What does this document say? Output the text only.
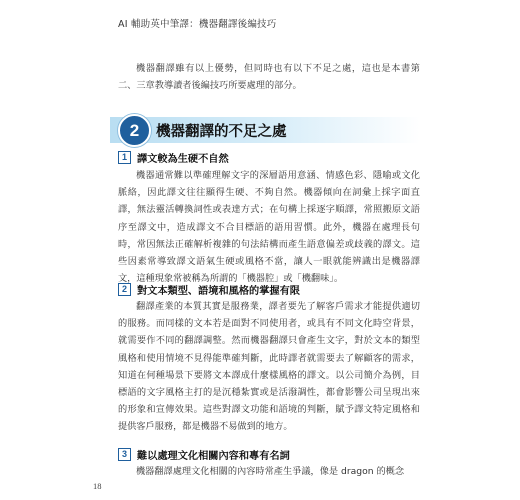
AI 輔助英中筆譯：機器翻譯後編技巧

機器翻譯雖有以上優勢，但同時也有以下不足之處，這也是本書第二、三章教導讀者後編技巧所要處理的部分。

2	機器翻譯的不足之處
1 譯文較為生硬不自然

機器通常難以準確理解文字的深層語用意涵、情感色彩、隱喻或文化脈絡，因此譯文往往顯得生硬、不夠自然。機器傾向在詞彙上採字面直譯，無法靈活轉換詞性或表達方式；在句構上採逐字順譯，常照搬原文語序至譯文中，造成譯文不合目標語的語用習慣。此外，機器在處理長句時，常因無法正確解析複雜的句法結構而產生語意偏差或歧義的譯文。這些因素常導致譯文語氣生硬或風格不當，讓人一眼就能辨識出是機器譯文，這種現象常被稱為所謂的「機器腔」或「機翻味」。

2 對文本類型、語境和風格的掌握有限

翻譯產業的本質其實是服務業，譯者要先了解客戶需求才能提供適切的服務。而同樣的文本若是面對不同使用者，或具有不同文化時空背景，就需要作不同的翻譯調整。然而機器翻譯只會產生文字，對於文本的類型風格和使用情境不見得能準確判斷，此時譯者就需要去了解顧客的需求，知道在何種場景下要將文本譯成什麼樣風格的譯文。以公司簡介為例，目標語的文字風格主打的是沉穩紮實或是活潑調性，都會影響公司呈現出來的形象和宣傳效果。這些對譯文功能和語境的判斷，賦予譯文特定風格和提供客戶服務，都是機器不易做到的地方。

3 難以處理文化相關內容和專有名詞

機器翻譯處理文化相關的內容時常產生爭議，像是 dragon 的概念

18
